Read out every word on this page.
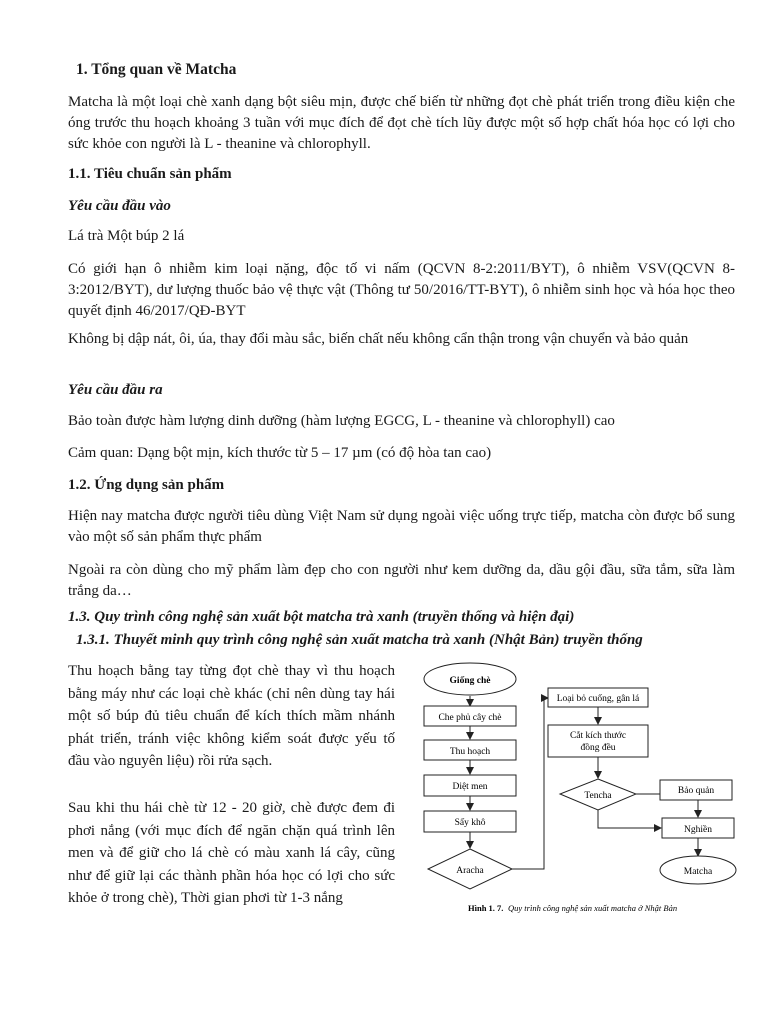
1. Tổng quan về Matcha
Matcha là một loại chè xanh dạng bột siêu mịn, được chế biến từ những đọt chè phát triển trong điều kiện che óng trước thu hoạch khoảng 3 tuần với mục đích để đọt chè tích lũy được một số hợp chất hóa học có lợi cho sức khỏe con người là L - theanine và chlorophyll.
1.1. Tiêu chuẩn sản phẩm
Yêu cầu đầu vào
Lá trà Một búp 2 lá
Có giới hạn ô nhiễm kim loại nặng, độc tố vi nấm (QCVN 8-2:2011/BYT), ô nhiễm VSV(QCVN 8-3:2012/BYT), dư lượng thuốc bảo vệ thực vật (Thông tư 50/2016/TT-BYT), ô nhiễm sinh học và hóa học theo quyết định 46/2017/QĐ-BYT
Không bị dập nát, ôi, úa, thay đổi màu sắc, biến chất nếu không cẩn thận trong vận chuyển và bảo quản
Yêu cầu đầu ra
Bảo toàn được hàm lượng dinh dưỡng (hàm lượng EGCG, L - theanine và chlorophyll) cao
Cảm quan: Dạng bột mịn, kích thước từ 5 – 17 µm (có độ hòa tan cao)
1.2. Ứng dụng sản phẩm
Hiện nay matcha được người tiêu dùng Việt Nam sử dụng ngoài việc uống trực tiếp, matcha còn được bổ sung vào một số sản phẩm thực phẩm
Ngoài ra còn dùng cho mỹ phẩm làm đẹp cho con người như kem dưỡng da, dầu gội đầu, sữa tắm, sữa làm trắng da…
1.3. Quy trình công nghệ sản xuất bột matcha trà xanh (truyền thống và hiện đại)
1.3.1. Thuyết minh quy trình công nghệ sản xuất matcha trà xanh (Nhật Bản) truyền thống
Thu hoạch bằng tay từng đọt chè thay vì thu hoạch bằng máy như các loại chè khác (chỉ nên dùng tay hái một số búp đủ tiêu chuẩn để kích thích mầm nhánh phát triển, tránh việc không kiểm soát được yếu tố đầu vào nguyên liệu) rồi rửa sạch.
Sau khi thu hái chè từ 12 - 20 giờ, chè được đem đi phơi nắng (với mục đích để ngăn chặn quá trình lên men và để giữ cho lá chè có màu xanh lá cây, cũng như để giữ lại các thành phần hóa học có lợi cho sức khỏe ở trong chè), Thời gian phơi từ 1-3 nắng
Giống chè
Che phủ cây chè
Thu hoạch
Diệt men
Sấy khô
Aracha
Loại bỏ cuống, gân lá
Cắt kích thước
đồng đều
Tencha	Bảo quản
Nghiền
Matcha
Hình 1. 7. Quy trình công nghệ sản xuất matcha ở Nhật Bản
